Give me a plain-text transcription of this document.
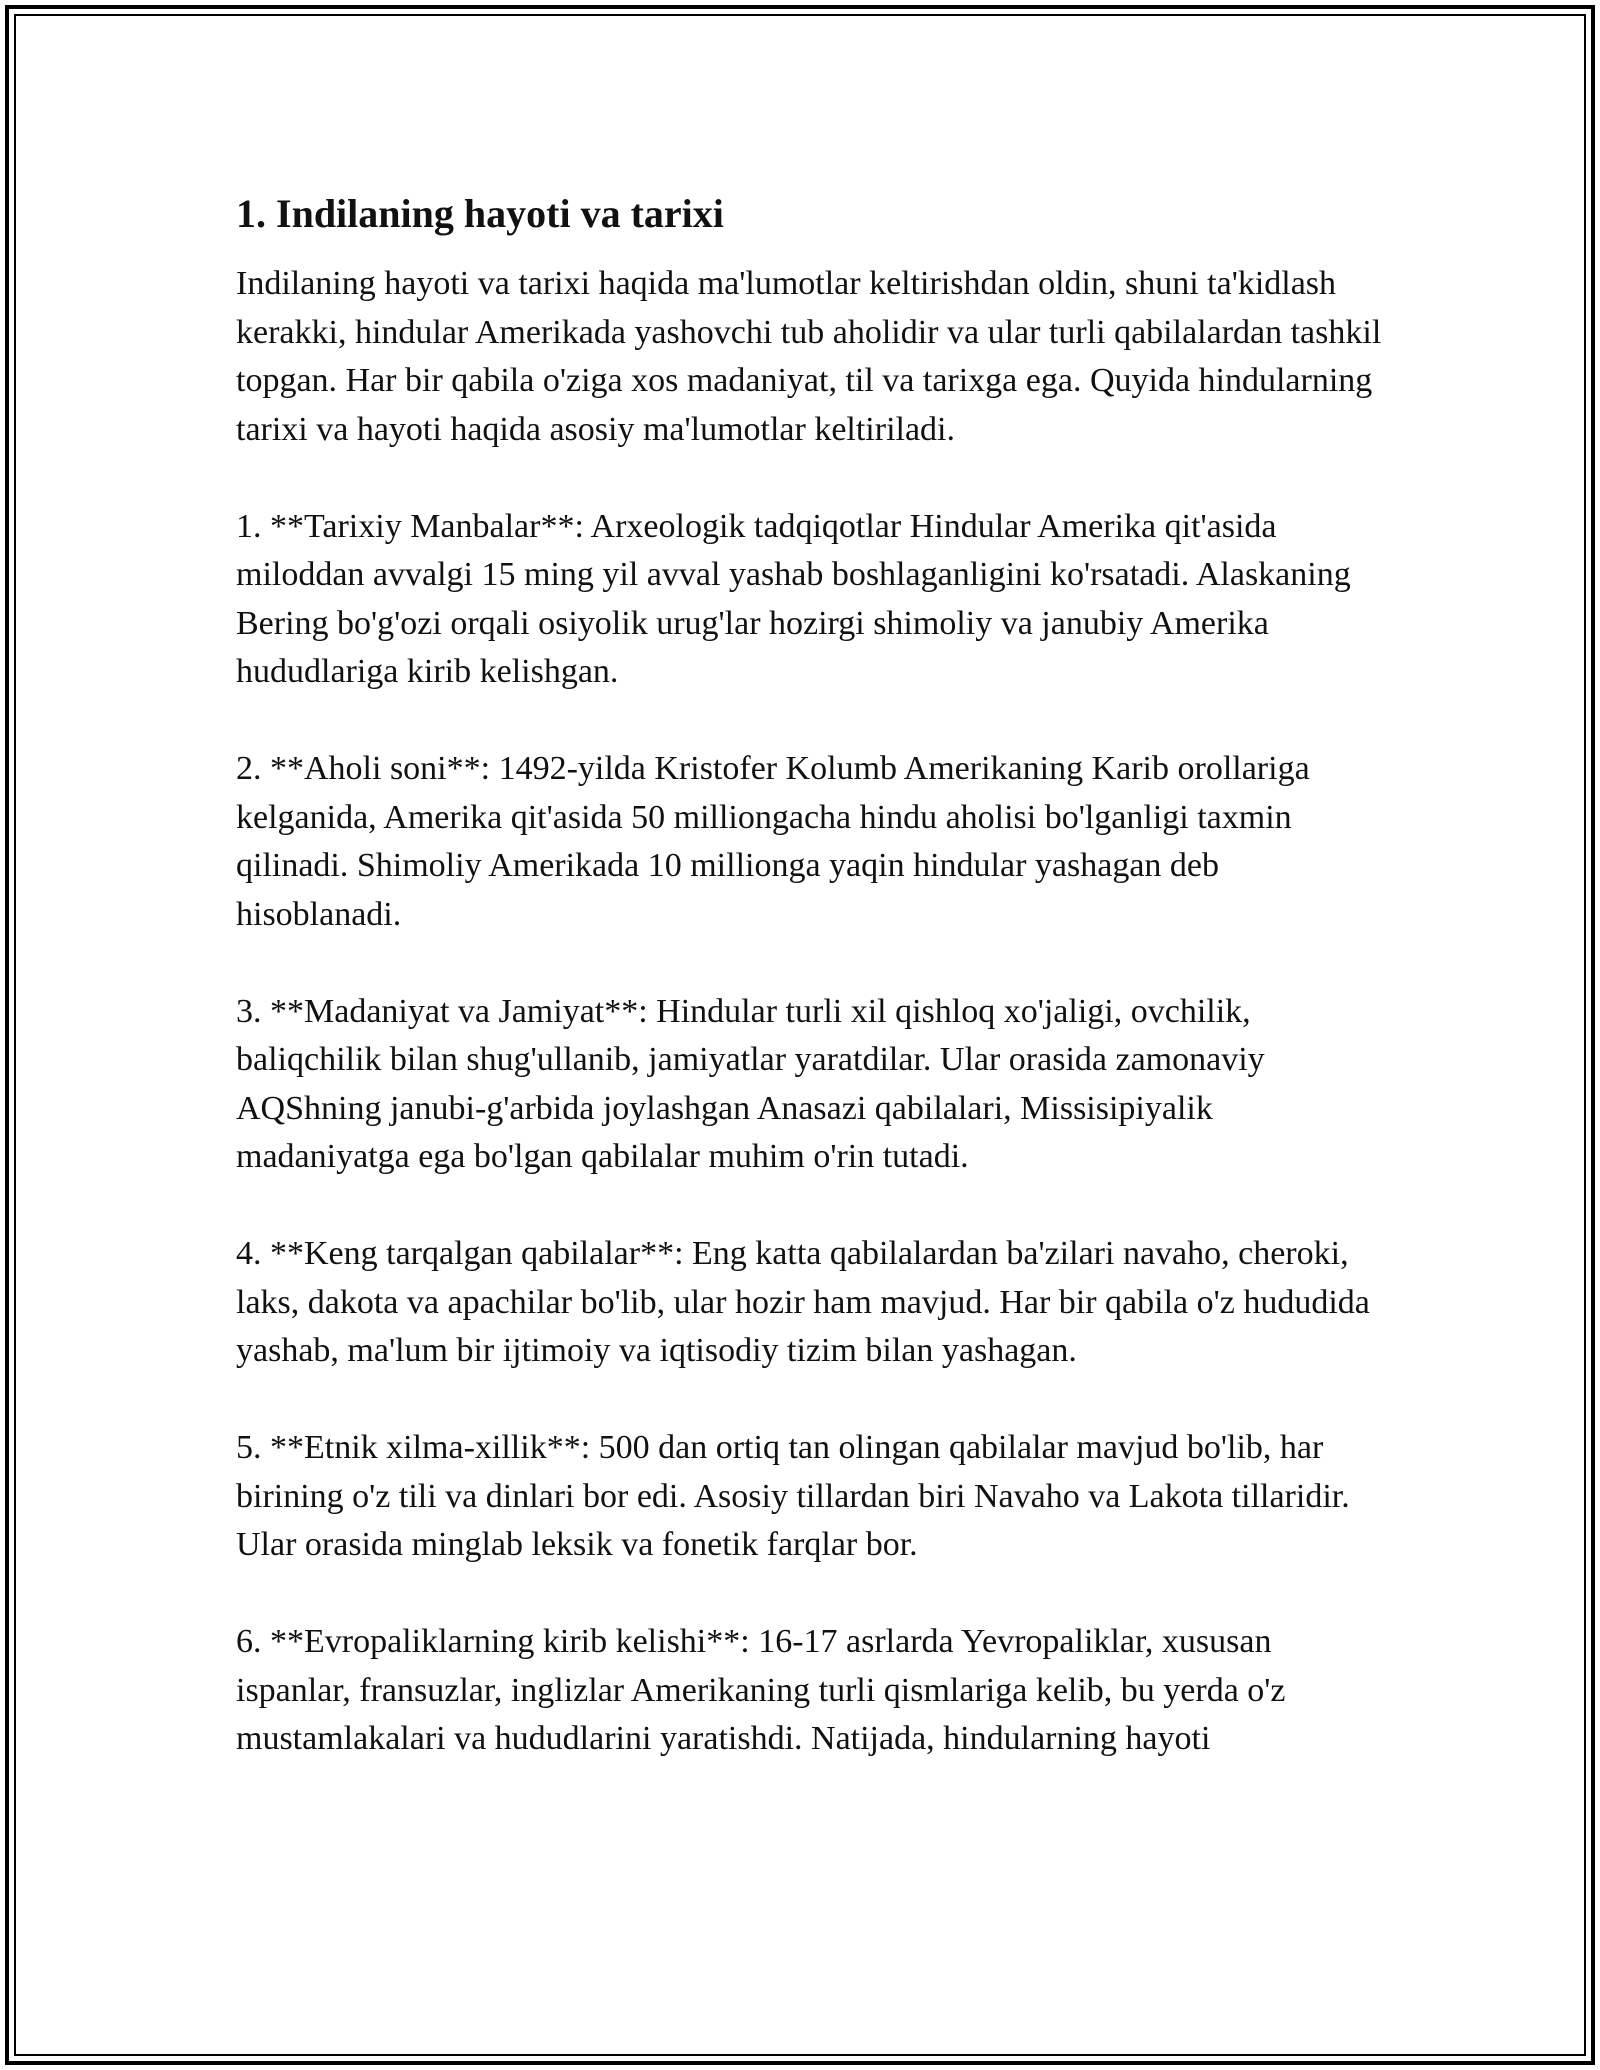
1. Indilaning hayoti va tarixi

Indilaning hayoti va tarixi haqida ma'lumotlar keltirishdan oldin, shuni ta'kidlash kerakki, hindular Amerikada yashovchi tub aholidir va ular turli qabilalardan tashkil topgan. Har bir qabila o'ziga xos madaniyat, til va tarixga ega. Quyida hindularning tarixi va hayoti haqida asosiy ma'lumotlar keltiriladi.

1. **Tarixiy Manbalar**: Arxeologik tadqiqotlar Hindular Amerika qit'asida miloddan avvalgi 15 ming yil avval yashab boshlaganligini ko'rsatadi. Alaskaning Bering bo'g'ozi orqali osiyolik urug'lar hozirgi shimoliy va janubiy Amerika hududlariga kirib kelishgan.

2. **Aholi soni**: 1492-yilda Kristofer Kolumb Amerikaning Karib orollariga kelganida, Amerika qit'asida 50 milliongacha hindu aholisi bo'lganligi taxmin qilinadi. Shimoliy Amerikada 10 millionga yaqin hindular yashagan deb hisoblanadi.

3. **Madaniyat va Jamiyat**: Hindular turli xil qishloq xo'jaligi, ovchilik, baliqchilik bilan shug'ullanib, jamiyatlar yaratdilar. Ular orasida zamonaviy AQShning janubi-g'arbida joylashgan Anasazi qabilalari, Missisipiyalik madaniyatga ega bo'lgan qabilalar muhim o'rin tutadi.

4. **Keng tarqalgan qabilalar**: Eng katta qabilalardan ba'zilari navaho, cheroki, laks, dakota va apachilar bo'lib, ular hozir ham mavjud. Har bir qabila o'z hududida yashab, ma'lum bir ijtimoiy va iqtisodiy tizim bilan yashagan.

5. **Etnik xilma-xillik**: 500 dan ortiq tan olingan qabilalar mavjud bo'lib, har birining o'z tili va dinlari bor edi. Asosiy tillardan biri Navaho va Lakota tillaridir. Ular orasida minglab leksik va fonetik farqlar bor.

6. **Evropaliklarning kirib kelishi**: 16-17 asrlarda Yevropaliklar, xususan ispanlar, fransuzlar, inglizlar Amerikaning turli qismlariga kelib, bu yerda o'z mustamlakalari va hududlarini yaratishdi. Natijada, hindularning hayoti
